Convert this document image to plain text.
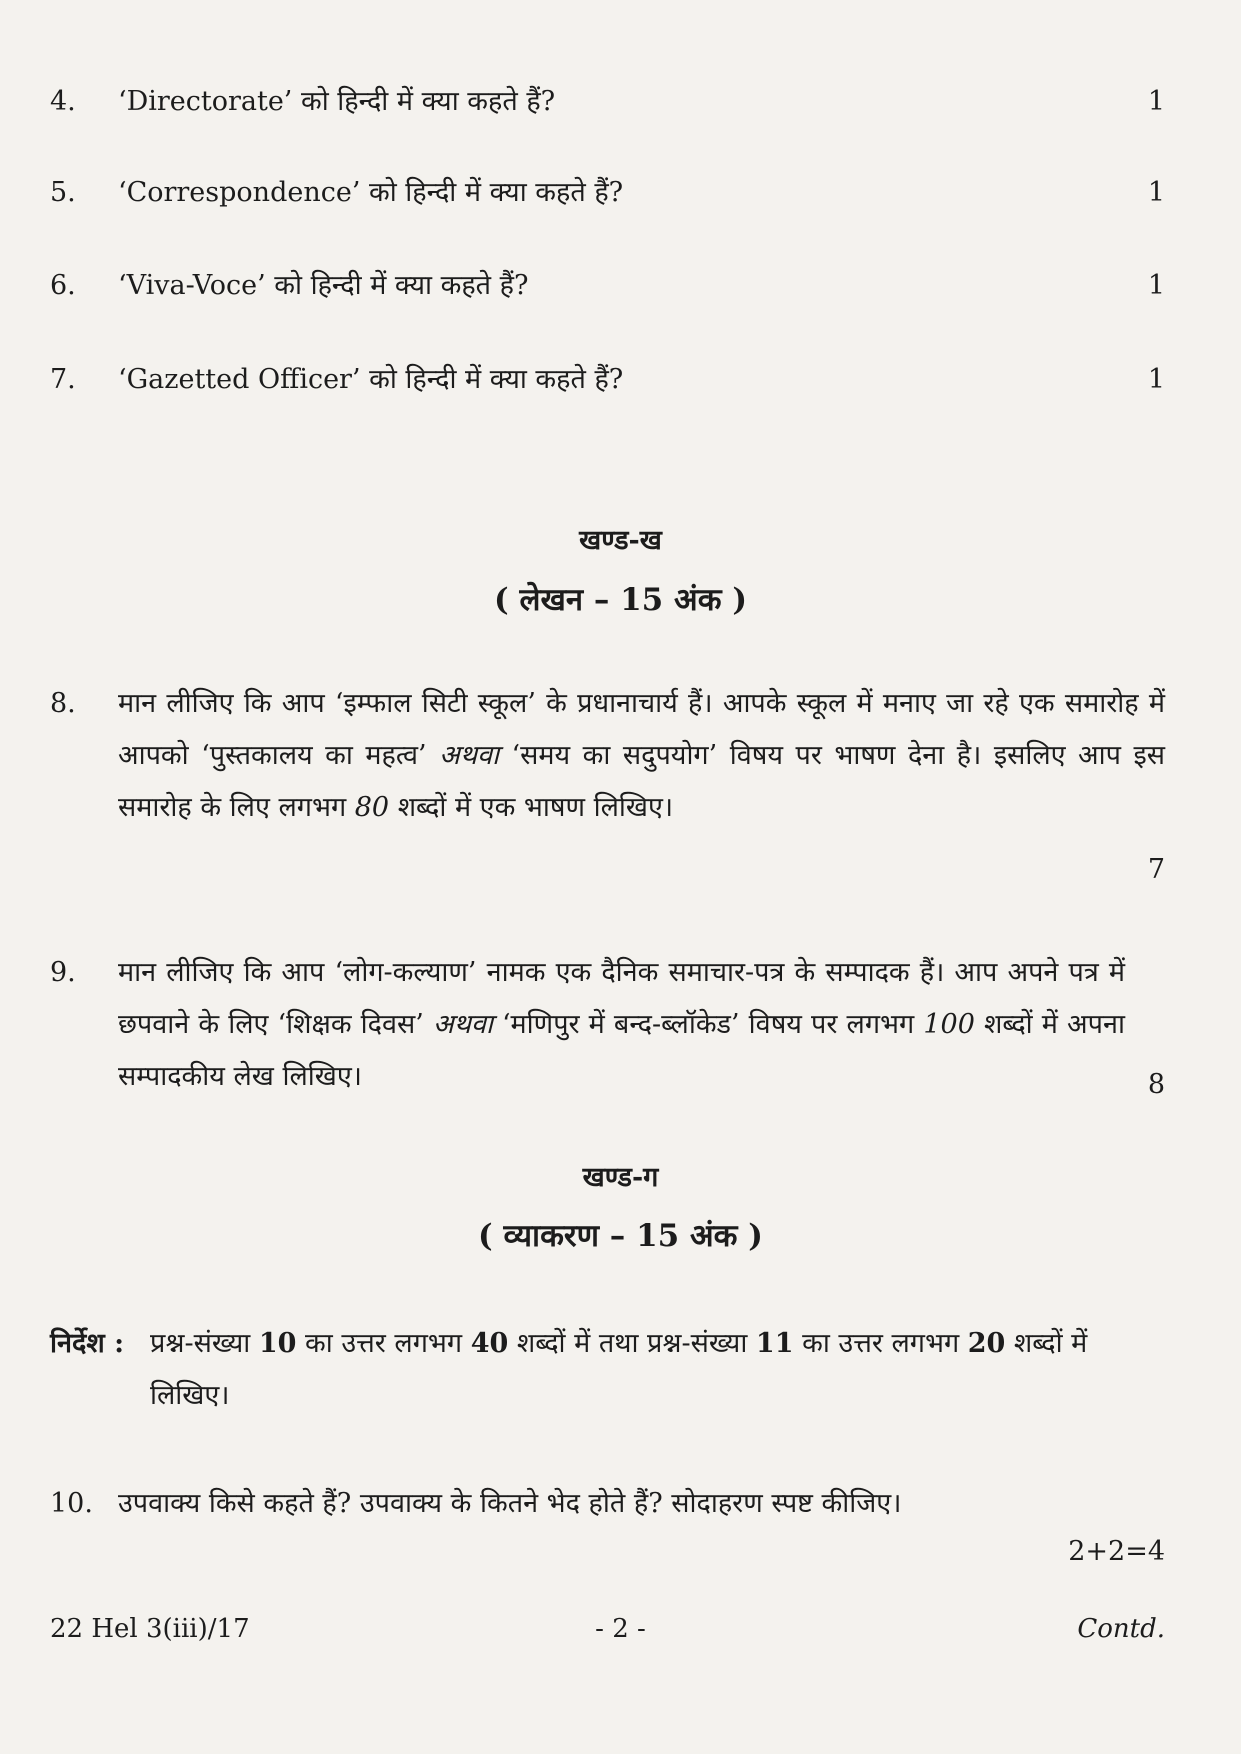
4. ‘Directorate’ को हिन्दी में क्या कहते हैं?	1
5. ‘Correspondence’ को हिन्दी में क्या कहते हैं?	1
6. ‘Viva-Voce’ को हिन्दी में क्या कहते हैं?	1
7. ‘Gazetted Officer’ को हिन्दी में क्या कहते हैं?	1
खण्ड-ख
( लेखन – 15 अंक )
8. मान लीजिए कि आप ‘इम्फाल सिटी स्कूल’ के प्रधानाचार्य हैं। आपके स्कूल में मनाए जा रहे एक समारोह में आपको ‘पुस्तकालय का महत्व’ अथवा ‘समय का सदुपयोग’ विषय पर भाषण देना है। इसलिए आप इस समारोह के लिए लगभग 80 शब्दों में एक भाषण लिखिए।
7
9. मान लीजिए कि आप ‘लोग-कल्याण’ नामक एक दैनिक समाचार-पत्र के सम्पादक हैं। आप अपने पत्र में छपवाने के लिए ‘शिक्षक दिवस’ अथवा ‘मणिपुर में बन्द-ब्लॉकेड’ विषय पर लगभग 100 शब्दों में अपना सम्पादकीय लेख लिखिए।	8
खण्ड-ग
( व्याकरण – 15 अंक )
निर्देश : प्रश्न-संख्या 10 का उत्तर लगभग 40 शब्दों में तथा प्रश्न-संख्या 11 का उत्तर लगभग 20 शब्दों में लिखिए।
10. उपवाक्य किसे कहते हैं? उपवाक्य के कितने भेद होते हैं? सोदाहरण स्पष्ट कीजिए।
2+2=4
22 Hel 3(iii)/17	- 2 -	Contd.
